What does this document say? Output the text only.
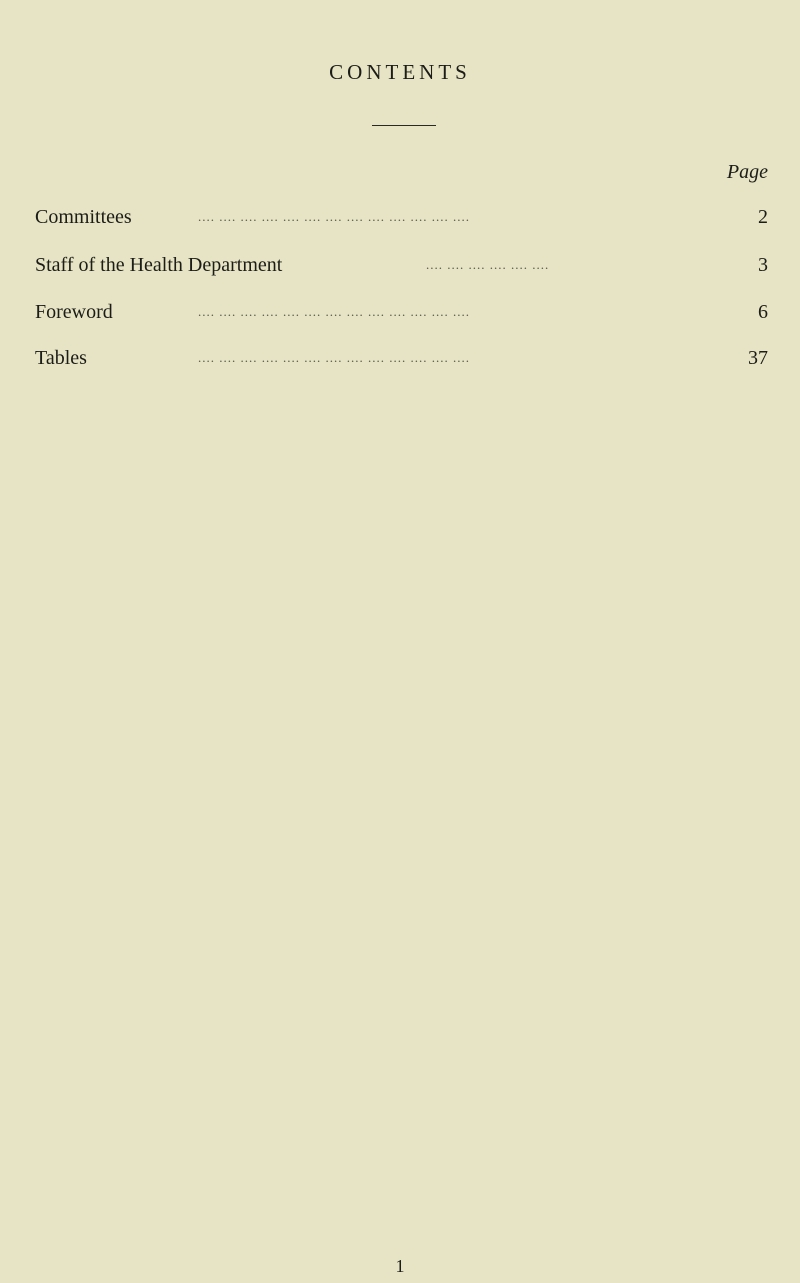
CONTENTS
Page
Committees	.... .... .... .... .... .... .... .... .... .... .... .... ....	2
Staff of the Health Department	.... .... .... .... .... ....	3
Foreword	.... .... .... .... .... .... .... .... .... .... .... .... ....	6
Tables	.... .... .... .... .... .... .... .... .... .... .... .... ....	37
1
